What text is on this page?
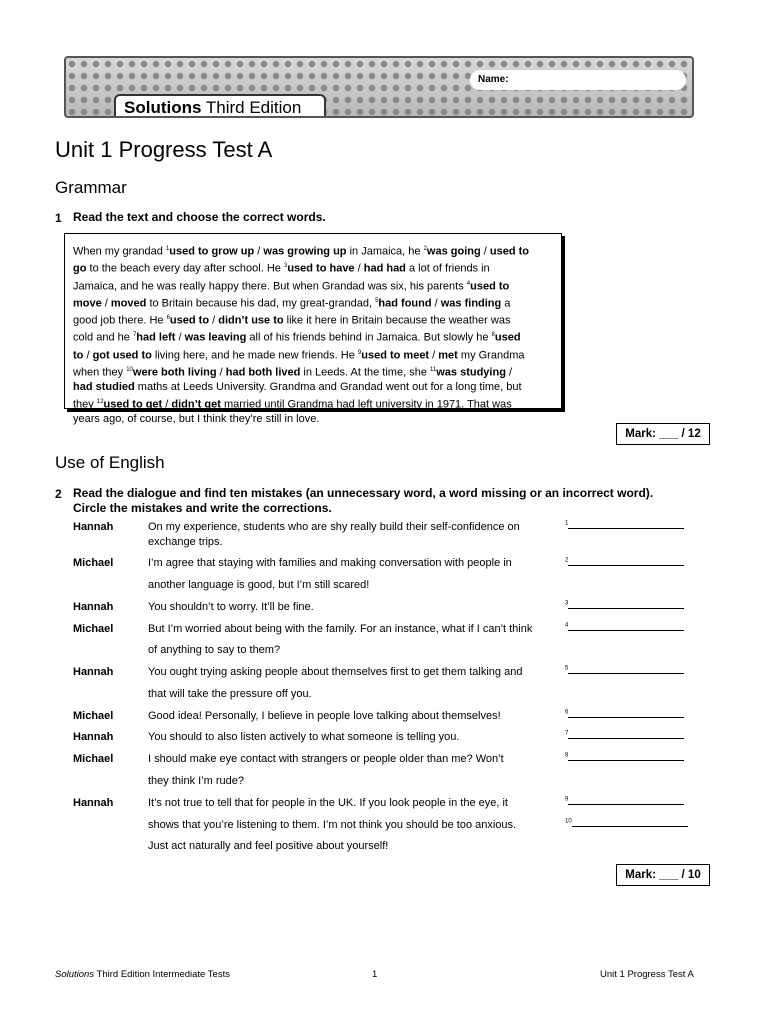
Name:
Solutions Third Edition
Unit 1 Progress Test A
Grammar
1 Read the text and choose the correct words.
When my grandad $^1$used to grow up / was growing up in Jamaica, he $^2$was going / used to
go to the beach every day after school. He $^3$used to have / had had a lot of friends in
Jamaica, and he was really happy there. But when Grandad was six, his parents $^4$used to
move / moved to Britain because his dad, my great-grandad, $^5$had found / was finding a
good job there. He $^6$used to / didn’t use to like it here in Britain because the weather was
cold and he $^7$had left / was leaving all of his friends behind in Jamaica. But slowly he $^8$used
to / got used to living here, and he made new friends. He $^9$used to meet / met my Grandma
when they $^{10}$were both living / had both lived in Leeds. At the time, she $^{11}$was studying /
had studied maths at Leeds University. Grandma and Grandad went out for a long time, but
they $^{12}$used to get / didn’t get married until Grandma had left university in 1971. That was
years ago, of course, but I think they’re still in love.
Mark: ___ / 12
Use of English
2 Read the dialogue and find ten mistakes (an unnecessary word, a word missing or an incorrect word).
Circle the mistakes and write the corrections.
Hannah	On my experience, students who are shy really build their self-confidence on
exchange trips.
Michael	I’m agree that staying with families and making conversation with people in
another language is good, but I’m still scared!
Hannah	You shouldn’t to worry. It’ll be fine.
Michael	But I’m worried about being with the family. For an instance, what if I can’t think
of anything to say to them?
Hannah	You ought trying asking people about themselves first to get them talking and
that will take the pressure off you.
Michael	Good idea! Personally, I believe in people love talking about themselves!
Hannah	You should to also listen actively to what someone is telling you.
Michael	I should make eye contact with strangers or people older than me? Won’t
they think I’m rude?
Hannah	It’s not true to tell that for people in the UK. If you look people in the eye, it
shows that you’re listening to them. I’m not think you should be too anxious.
Just act naturally and feel positive about yourself!
$^1$
$^2$
$^3$
$^4$
$^5$
$^6$
$^7$
$^8$
$^9$
$^{10}$
Mark: ___ / 10
Solutions Third Edition Intermediate Tests	1	Unit 1 Progress Test A
